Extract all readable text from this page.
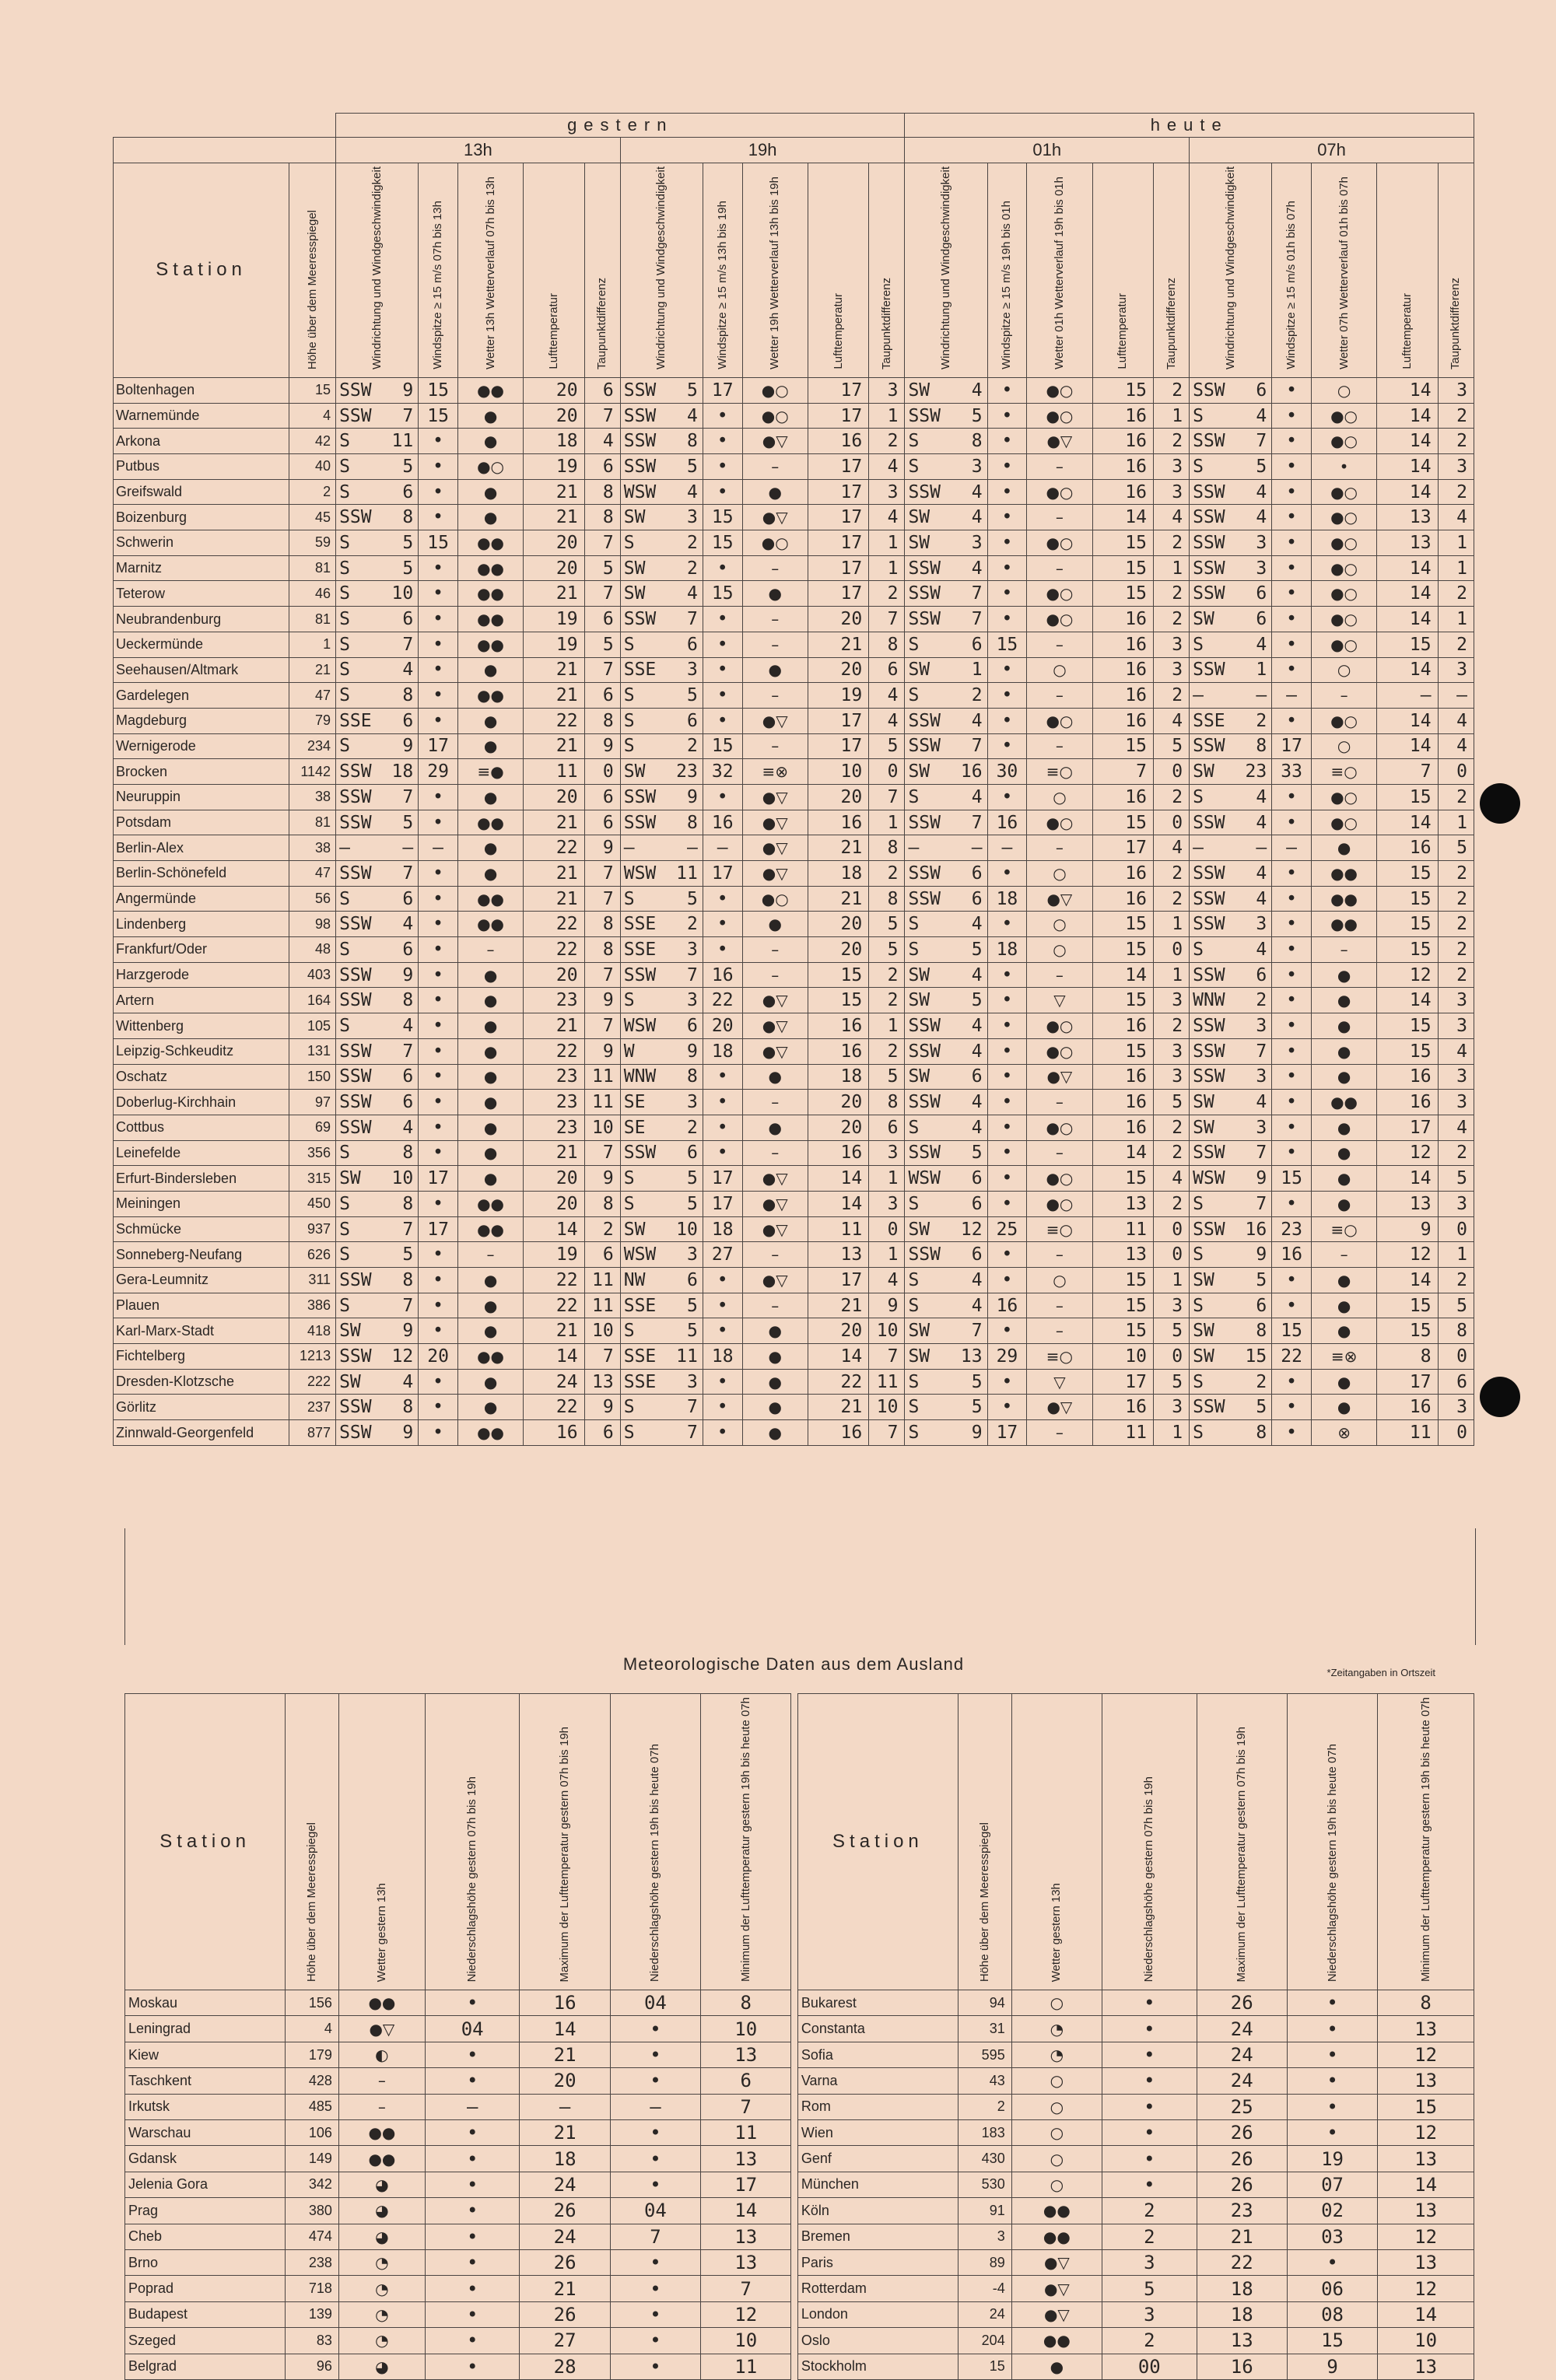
		gestern										heute									
		13h					19h					01h					07h				
Station	Höhe über dem Meeresspiegel	Windrichtung und Windgeschwindigkeit	Windspitze ≥ 15 m/s 07h bis 13h	Wetter 13h Wetterverlauf 07h bis 13h	Lufttemperatur	Taupunktdifferenz	Windrichtung und Windgeschwindigkeit	Windspitze ≥ 15 m/s 13h bis 19h	Wetter 19h Wetterverlauf 13h bis 19h	Lufttemperatur	Taupunktdifferenz	Windrichtung und Windgeschwindigkeit	Windspitze ≥ 15 m/s 19h bis 01h	Wetter 01h Wetterverlauf 19h bis 01h	Lufttemperatur	Taupunktdifferenz	Windrichtung und Windgeschwindigkeit	Windspitze ≥ 15 m/s 01h bis 07h	Wetter 07h Wetterverlauf 01h bis 07h	Lufttemperatur	Taupunktdifferenz
Boltenhagen	15	SSW 9	15	●●	20	6	SSW 5	17	●○	17	3	SW 4	•	●○	15	2	SSW 6	•	○	14	3
Warnemünde	4	SSW 7	15	●	20	7	SSW 4	•	●○	17	1	SSW 5	•	●○	16	1	S 4	•	●○	14	2
Arkona	42	S 11	•	●	18	4	SSW 8	•	●▽	16	2	S 8	•	●▽	16	2	SSW 7	•	●○	14	2
Putbus	40	S 5	•	●○	19	6	SSW 5	•	–	17	4	S 3	•	–	16	3	S 5	•	•	14	3
Greifswald	2	S 6	•	●	21	8	WSW 4	•	●	17	3	SSW 4	•	●○	16	3	SSW 4	•	●○	14	2
Boizenburg	45	SSW 8	•	●	21	8	SW 3	15	●▽	17	4	SW 4	•	–	14	4	SSW 4	•	●○	13	4
Schwerin	59	S 5	15	●●	20	7	S 2	15	●○	17	1	SW 3	•	●○	15	2	SSW 3	•	●○	13	1
Marnitz	81	S 5	•	●●	20	5	SW 2	•	–	17	1	SSW 4	•	–	15	1	SSW 3	•	●○	14	1
Teterow	46	S 10	•	●●	21	7	SW 4	15	●	17	2	SSW 7	•	●○	15	2	SSW 6	•	●○	14	2
Neubrandenburg	81	S 6	•	●●	19	6	SSW 7	•	–	20	7	SSW 7	•	●○	16	2	SW 6	•	●○	14	1
Ueckermünde	1	S 7	•	●●	19	5	S 6	•	–	21	8	S 6	15	–	16	3	S 4	•	●○	15	2
Seehausen/Altmark	21	S 4	•	●	21	7	SSE 3	•	●	20	6	SW 1	•	○	16	3	SSW 1	•	○	14	3
Gardelegen	47	S 8	•	●●	21	6	S 5	•	–	19	4	S 2	•	–	16	2	– –	–	–	–	–
Magdeburg	79	SSE 6	•	●	22	8	S 6	•	●▽	17	4	SSW 4	•	●○	16	4	SSE 2	•	●○	14	4
Wernigerode	234	S 9	17	●	21	9	S 2	15	–	17	5	SSW 7	•	–	15	5	SSW 8	17	○	14	4
Brocken	1142	SSW 18	29	≡●	11	0	SW 23	32	≡⊗	10	0	SW 16	30	≡○	7	0	SW 23	33	≡○	7	0
Neuruppin	38	SSW 7	•	●	20	6	SSW 9	•	●▽	20	7	S 4	•	○	16	2	S 4	•	●○	15	2
Potsdam	81	SSW 5	•	●●	21	6	SSW 8	16	●▽	16	1	SSW 7	16	●○	15	0	SSW 4	•	●○	14	1
Berlin-Alex	38	– –	–	●	22	9	– –	–	●▽	21	8	– –	–	–	17	4	– –	–	●	16	5
Berlin-Schönefeld	47	SSW 7	•	●	21	7	WSW 11	17	●▽	18	2	SSW 6	•	○	16	2	SSW 4	•	●●	15	2
Angermünde	56	S 6	•	●●	21	7	S 5	•	●○	21	8	SSW 6	18	●▽	16	2	SSW 4	•	●●	15	2
Lindenberg	98	SSW 4	•	●●	22	8	SSE 2	•	●	20	5	S 4	•	○	15	1	SSW 3	•	●●	15	2
Frankfurt/Oder	48	S 6	•	–	22	8	SSE 3	•	–	20	5	S 5	18	○	15	0	S 4	•	–	15	2
Harzgerode	403	SSW 9	•	●	20	7	SSW 7	16	–	15	2	SW 4	•	–	14	1	SSW 6	•	●	12	2
Artern	164	SSW 8	•	●	23	9	S 3	22	●▽	15	2	SW 5	•	▽	15	3	WNW 2	•	●	14	3
Wittenberg	105	S 4	•	●	21	7	WSW 6	20	●▽	16	1	SSW 4	•	●○	16	2	SSW 3	•	●	15	3
Leipzig-Schkeuditz	131	SSW 7	•	●	22	9	W 9	18	●▽	16	2	SSW 4	•	●○	15	3	SSW 7	•	●	15	4
Oschatz	150	SSW 6	•	●	23	11	WNW 8	•	●	18	5	SW 6	•	●▽	16	3	SSW 3	•	●	16	3
Doberlug-Kirchhain	97	SSW 6	•	●	23	11	SE 3	•	–	20	8	SSW 4	•	–	16	5	SW 4	•	●●	16	3
Cottbus	69	SSW 4	•	●	23	10	SE 2	•	●	20	6	S 4	•	●○	16	2	SW 3	•	●	17	4
Leinefelde	356	S 8	•	●	21	7	SSW 6	•	–	16	3	SSW 5	•	–	14	2	SSW 7	•	●	12	2
Erfurt-Bindersleben	315	SW 10	17	●	20	9	S 5	17	●▽	14	1	WSW 6	•	●○	15	4	WSW 9	15	●	14	5
Meiningen	450	S 8	•	●●	20	8	S 5	17	●▽	14	3	S 6	•	●○	13	2	S 7	•	●	13	3
Schmücke	937	S 7	17	●●	14	2	SW 10	18	●▽	11	0	SW 12	25	≡○	11	0	SSW 16	23	≡○	9	0
Sonneberg-Neufang	626	S 5	•	–	19	6	WSW 3	27	–	13	1	SSW 6	•	–	13	0	S 9	16	–	12	1
Gera-Leumnitz	311	SSW 8	•	●	22	11	NW 6	•	●▽	17	4	S 4	•	○	15	1	SW 5	•	●	14	2
Plauen	386	S 7	•	●	22	11	SSE 5	•	–	21	9	S 4	16	–	15	3	S 6	•	●	15	5
Karl-Marx-Stadt	418	SW 9	•	●	21	10	S 5	•	●	20	10	SW 7	•	–	15	5	SW 8	15	●	15	8
Fichtelberg	1213	SSW 12	20	●●	14	7	SSE 11	18	●	14	7	SW 13	29	≡○	10	0	SW 15	22	≡⊗	8	0
Dresden-Klotzsche	222	SW 4	•	●	24	13	SSE 3	•	●	22	11	S 5	•	▽	17	5	S 2	•	●	17	6
Görlitz	237	SSW 8	•	●	22	9	S 7	•	●	21	10	S 5	•	●▽	16	3	SSW 5	•	●	16	3
Zinnwald-Georgenfeld	877	SSW 9	•	●●	16	6	S 7	•	●	16	7	S 9	17	–	11	1	S 8	•	⊗	11	0
Meteorologische Daten aus dem Ausland	*Zeitangaben in Ortszeit
Station	Höhe über dem Meeresspiegel	Wetter gestern 13h	Niederschlagshöhe gestern 07h bis 19h	Maximum der Lufttemperatur gestern 07h bis 19h	Niederschlagshöhe gestern 19h bis heute 07h	Minimum der Lufttemperatur gestern 19h bis heute 07h		Station	Höhe über dem Meeresspiegel	Wetter gestern 13h	Niederschlagshöhe gestern 07h bis 19h	Maximum der Lufttemperatur gestern 07h bis 19h	Niederschlagshöhe gestern 19h bis heute 07h	Minimum der Lufttemperatur gestern 19h bis heute 07h
Moskau	156	●●	•	16	04	8		Bukarest	94	○	•	26	•	8
Leningrad	4	●▽	04	14	•	10		Constanta	31	◔	•	24	•	13
Kiew	179	◐	•	21	•	13		Sofia	595	◔	•	24	•	12
Taschkent	428	–	•	20	•	6		Varna	43	○	•	24	•	13
Irkutsk	485	–	–	–	–	7		Rom	2	○	•	25	•	15
Warschau	106	●●	•	21	•	11		Wien	183	○	•	26	•	12
Gdansk	149	●●	•	18	•	13		Genf	430	○	•	26	19	13
Jelenia Gora	342	◕	•	24	•	17		München	530	○	•	26	07	14
Prag	380	◕	•	26	04	14		Köln	91	●●	2	23	02	13
Cheb	474	◕	•	24	7	13		Bremen	3	●●	2	21	03	12
Brno	238	◔	•	26	•	13		Paris	89	●▽	3	22	•	13
Poprad	718	◔	•	21	•	7		Rotterdam	-4	●▽	5	18	06	12
Budapest	139	◔	•	26	•	12		London	24	●▽	3	18	08	14
Szeged	83	◔	•	27	•	10		Oslo	204	●●	2	13	15	10
Belgrad	96	◕	•	28	•	11		Stockholm	15	●	00	16	9	13
